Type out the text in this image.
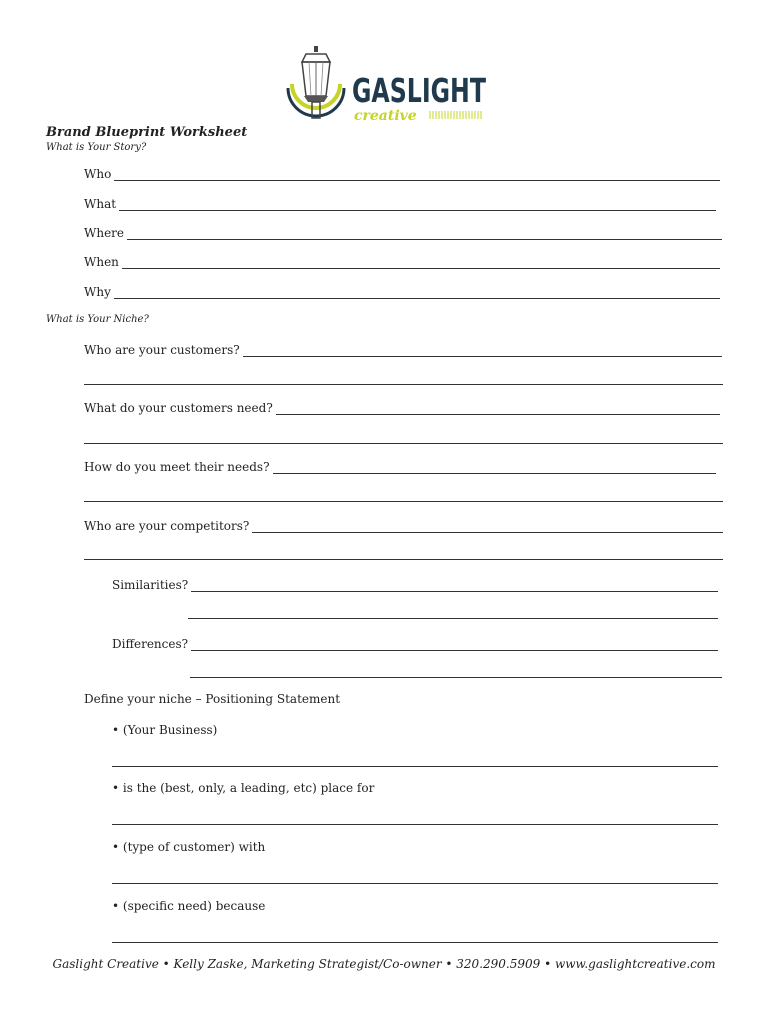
GASLIGHT
creative
Brand Blueprint Worksheet
What is Your Story?
Who
What
Where
When
Why
What is Your Niche?
Who are your customers?
What do your customers need?
How do you meet their needs?
Who are your competitors?
Similarities?
Differences?
Define your niche – Positioning Statement
• (Your Business)
• is the (best, only, a leading, etc) place for
• (type of customer) with
• (specific need) because
Gaslight Creative • Kelly Zaske, Marketing Strategist/Co-owner • 320.290.5909 • www.gaslightcreative.com
